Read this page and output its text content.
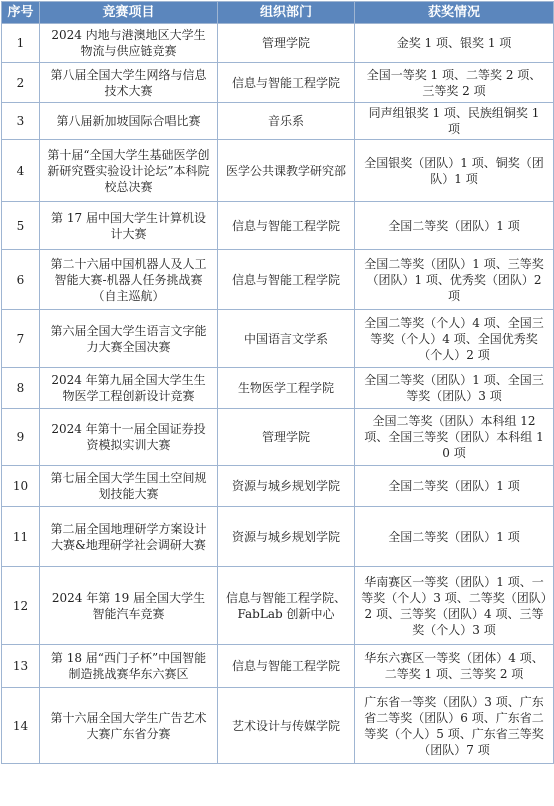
序号	竞赛项目	组织部门	获奖情况
1	2024 内地与港澳地区大学生物流与供应链竞赛	管理学院	金奖 1 项、银奖 1 项
2	第八届全国大学生网络与信息技术大赛	信息与智能工程学院	全国一等奖 1 项、二等奖 2 项、三等奖 2 项
3	第八届新加坡国际合唱比赛	音乐系	同声组银奖 1 项、民族组铜奖 1 项
4	第十届“全国大学生基础医学创新研究暨实验设计论坛”本科院校总决赛	医学公共课教学研究部	全国银奖（团队）1 项、铜奖（团队）1 项
5	第 17 届中国大学生计算机设计大赛	信息与智能工程学院	全国二等奖（团队）1 项
6	第二十六届中国机器人及人工智能大赛-机器人任务挑战赛（自主巡航）	信息与智能工程学院	全国二等奖（团队）1 项、三等奖（团队）1 项、优秀奖（团队）2 项
7	第六届全国大学生语言文字能力大赛全国决赛	中国语言文学系	全国二等奖（个人）4 项、全国三等奖（个人）4 项、全国优秀奖（个人）2 项
8	2024 年第九届全国大学生生物医学工程创新设计竞赛	生物医学工程学院	全国二等奖（团队）1 项、全国三等奖（团队）3 项
9	2024 年第十一届全国证券投资模拟实训大赛	管理学院	全国二等奖（团队）本科组 12 项、全国三等奖（团队）本科组 10 项
10	第七届全国大学生国土空间规划技能大赛	资源与城乡规划学院	全国二等奖（团队）1 项
11	第二届全国地理研学方案设计大赛&地理研学社会调研大赛	资源与城乡规划学院	全国二等奖（团队）1 项
12	2024 年第 19 届全国大学生智能汽车竞赛	信息与智能工程学院、FabLab 创新中心	华南赛区一等奖（团队）1 项、一等奖（个人）3 项、二等奖（团队）2 项、三等奖（团队）4 项、三等奖（个人）3 项
13	第 18 届“西门子杯”中国智能制造挑战赛华东六赛区	信息与智能工程学院	华东六赛区一等奖（团体）4 项、二等奖 1 项、三等奖 2 项
14	第十六届全国大学生广告艺术大赛广东省分赛	艺术设计与传媒学院	广东省一等奖（团队）3 项、广东省二等奖（团队）6 项、广东省二等奖（个人）5 项、广东省三等奖（团队）7 项
